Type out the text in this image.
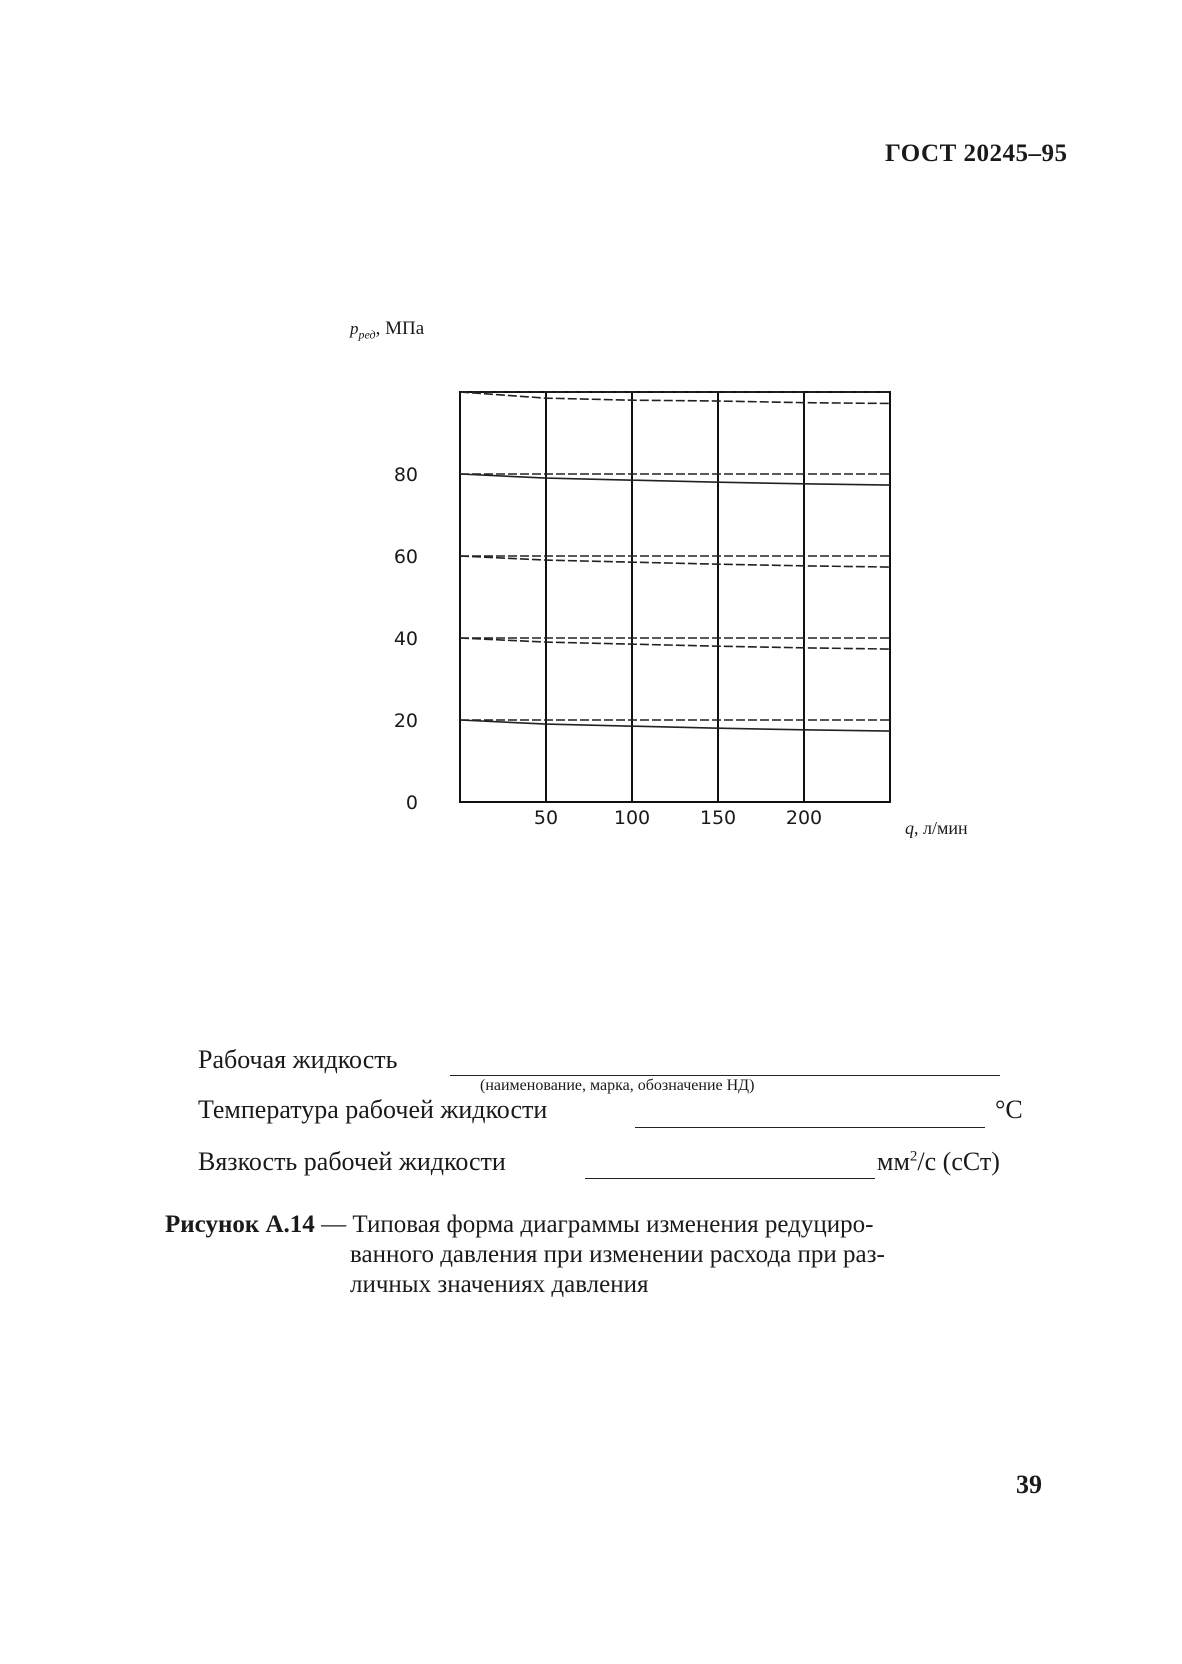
ГОСТ 20245–95
$p_{ред}$, МПа
0
20
40
60
80
50	100	150	200	q, л/мин
Рабочая жидкость
(наименование, марка, обозначение НД)
Температура рабочей жидкости	°С
Вязкость рабочей жидкости	$мм^2/с$ (сСт)
Рисунок А.14 — Типовая форма диаграммы изменения редуциро-
ванного давления при изменении расхода при раз-
личных значениях давления
39
